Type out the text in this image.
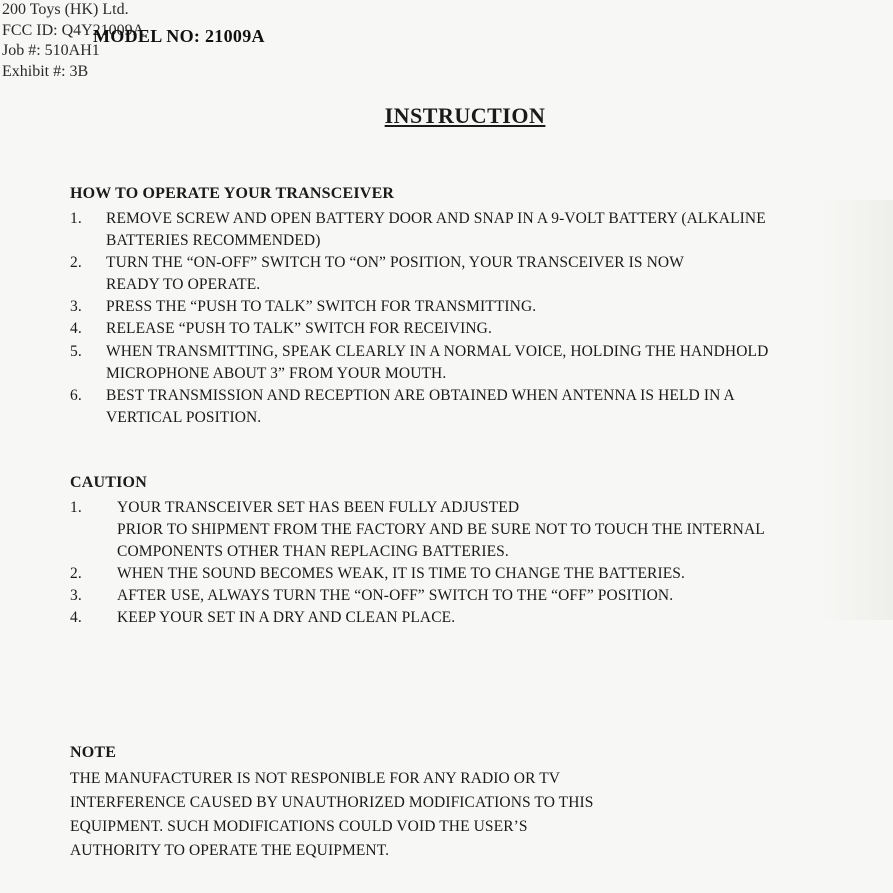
200 Toys (HK) Ltd.
FCC ID: Q4Y21009A
Job #: 510AH1
Exhibit #: 3B
MODEL NO: 21009A
INSTRUCTION
HOW TO OPERATE YOUR TRANSCEIVER
1.	REMOVE SCREW AND OPEN BATTERY DOOR AND SNAP IN A 9-VOLT BATTERY (ALKALINE BATTERIES RECOMMENDED)
2.	TURN THE “ON-OFF” SWITCH TO “ON” POSITION, YOUR TRANSCEIVER IS NOW READY TO OPERATE.
3.	PRESS THE “PUSH TO TALK” SWITCH FOR TRANSMITTING.
4.	RELEASE “PUSH TO TALK” SWITCH FOR RECEIVING.
5.	WHEN TRANSMITTING, SPEAK CLEARLY IN A NORMAL VOICE, HOLDING THE HANDHOLD MICROPHONE ABOUT 3” FROM YOUR MOUTH.
6.	BEST TRANSMISSION AND RECEPTION ARE OBTAINED WHEN ANTENNA IS HELD IN A VERTICAL POSITION.
CAUTION
1.	YOUR TRANSCEIVER SET HAS BEEN FULLY ADJUSTED
PRIOR TO SHIPMENT FROM THE FACTORY AND BE SURE NOT TO TOUCH THE INTERNAL COMPONENTS OTHER THAN REPLACING BATTERIES.
2.	WHEN THE SOUND BECOMES WEAK, IT IS TIME TO CHANGE THE BATTERIES.
3.	AFTER USE, ALWAYS TURN THE “ON-OFF” SWITCH TO THE “OFF” POSITION.
4.	KEEP YOUR SET IN A DRY AND CLEAN PLACE.
NOTE
THE MANUFACTURER IS NOT RESPONIBLE FOR ANY RADIO OR TV
INTERFERENCE CAUSED BY UNAUTHORIZED MODIFICATIONS TO THIS
EQUIPMENT. SUCH MODIFICATIONS COULD VOID THE USER’S
AUTHORITY TO OPERATE THE EQUIPMENT.
